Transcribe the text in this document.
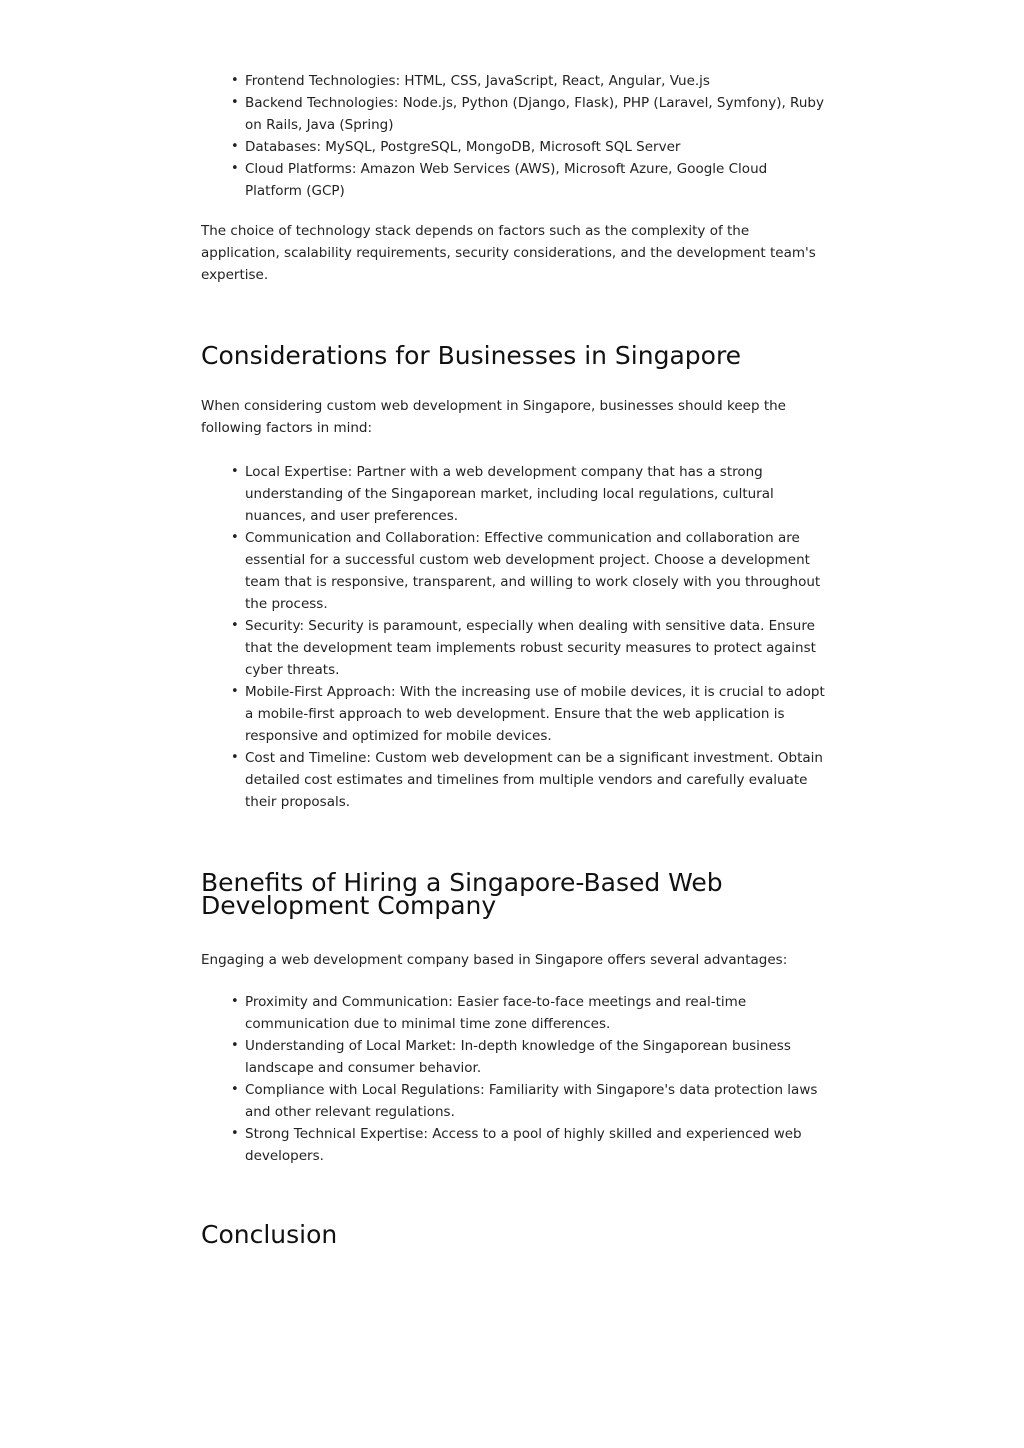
• Frontend Technologies: HTML, CSS, JavaScript, React, Angular, Vue.js
• Backend Technologies: Node.js, Python (Django, Flask), PHP (Laravel, Symfony), Ruby on Rails, Java (Spring)
• Databases: MySQL, PostgreSQL, MongoDB, Microsoft SQL Server
• Cloud Platforms: Amazon Web Services (AWS), Microsoft Azure, Google Cloud Platform (GCP)

The choice of technology stack depends on factors such as the complexity of the application, scalability requirements, security considerations, and the development team's expertise.

Considerations for Businesses in Singapore

When considering custom web development in Singapore, businesses should keep the following factors in mind:

• Local Expertise: Partner with a web development company that has a strong understanding of the Singaporean market, including local regulations, cultural nuances, and user preferences.
• Communication and Collaboration: Effective communication and collaboration are essential for a successful custom web development project. Choose a development team that is responsive, transparent, and willing to work closely with you throughout the process.
• Security: Security is paramount, especially when dealing with sensitive data. Ensure that the development team implements robust security measures to protect against cyber threats.
• Mobile-First Approach: With the increasing use of mobile devices, it is crucial to adopt a mobile-first approach to web development. Ensure that the web application is responsive and optimized for mobile devices.
• Cost and Timeline: Custom web development can be a significant investment. Obtain detailed cost estimates and timelines from multiple vendors and carefully evaluate their proposals.
Benefits of Hiring a Singapore-Based Web Development Company

Engaging a web development company based in Singapore offers several advantages:

• Proximity and Communication: Easier face-to-face meetings and real-time communication due to minimal time zone differences.
• Understanding of Local Market: In-depth knowledge of the Singaporean business landscape and consumer behavior.
• Compliance with Local Regulations: Familiarity with Singapore's data protection laws and other relevant regulations.
• Strong Technical Expertise: Access to a pool of highly skilled and experienced web developers.
Conclusion
